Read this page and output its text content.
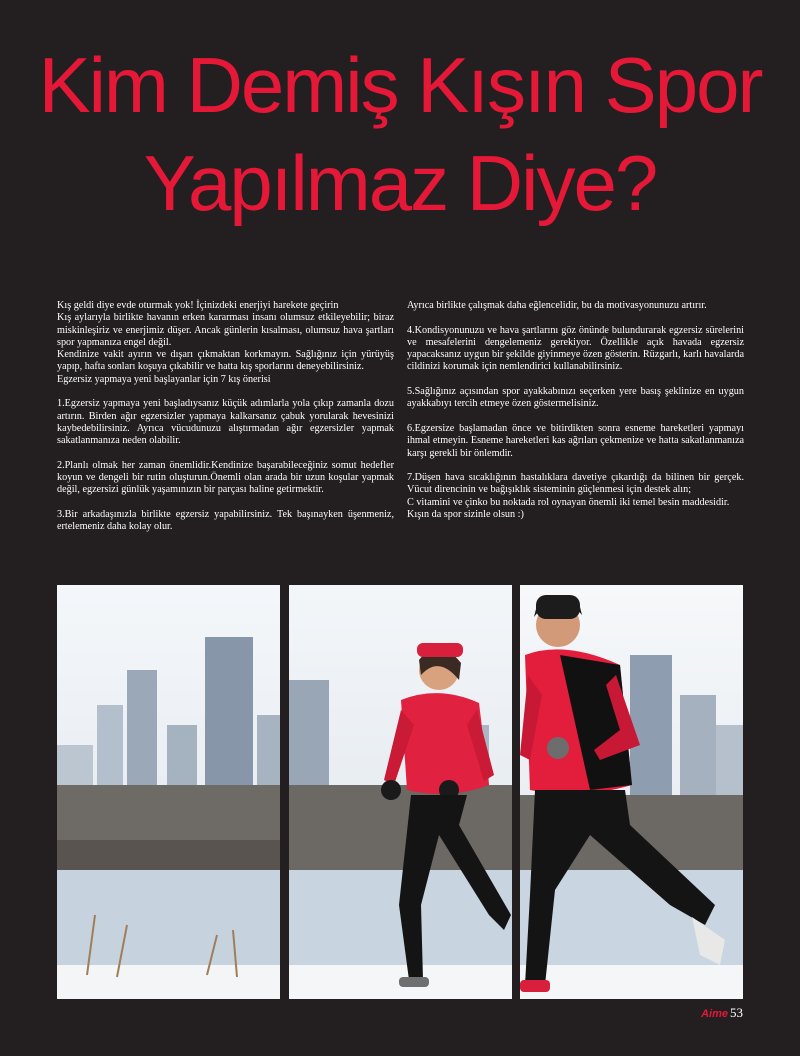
Kim Demiş Kışın Spor
Yapılmaz Diye?

Kış geldi diye evde oturmak yok! İçinizdeki enerjiyi harekete geçirin
Kış aylarıyla birlikte havanın erken kararması insanı olumsuz etkileyebilir; biraz miskinleşiriz ve enerjimiz düşer. Ancak günlerin kısalması, olumsuz hava şartları spor yapmanıza engel değil.
Kendinize vakit ayırın ve dışarı çıkmaktan korkmayın. Sağlığınız için yürüyüş yapıp, hafta sonları koşuya çıkabilir ve hatta kış sporlarını deneyebilirsiniz.
Egzersiz yapmaya yeni başlayanlar için 7 kış önerisi

1.Egzersiz yapmaya yeni başladıysanız küçük adımlarla yola çıkıp zamanla dozu artırın. Birden ağır egzersizler yapmaya kalkarsanız çabuk yorularak hevesinizi kaybedebilirsiniz. Ayrıca vücudunuzu alıştırmadan ağır egzersizler yapmak sakatlanmanıza neden olabilir.

2.Planlı olmak her zaman önemlidir.Kendinize başarabileceğiniz somut hedefler koyun ve dengeli bir rutin oluşturun.Önemli olan arada bir uzun koşular yapmak değil, egzersizi günlük yaşamınızın bir parçası haline getirmektir.

3.Bir arkadaşınızla birlikte egzersiz yapabilirsiniz. Tek başınayken üşenmeniz, ertelemeniz daha kolay olur.

Ayrıca birlikte çalışmak daha eğlencelidir, bu da motivasyonunuzu artırır.

4.Kondisyonunuzu ve hava şartlarını göz önünde bulundurarak egzersiz sürelerini ve mesafelerini dengelemeniz gerekiyor. Özellikle açık havada egzersiz yapacaksanız uygun bir şekilde giyinmeye özen gösterin. Rüzgarlı, karlı havalarda cildinizi korumak için nemlendirici kullanabilirsiniz.

5.Sağlığınız açısından spor ayakkabınızı seçerken yere basış şeklinize en uygun ayakkabıyı tercih etmeye özen göstermelisiniz.

6.Egzersize başlamadan önce ve bitirdikten sonra esneme hareketleri yapmayı ihmal etmeyin. Esneme hareketleri kas ağrıları çekmenize ve hatta sakatlanmanıza karşı gerekli bir önlemdir.

7.Düşen hava sıcaklığının hastalıklara davetiye çıkardığı da bilinen bir gerçek. Vücut direncinin ve bağışıklık sisteminin güçlenmesi için destek alın;
C vitamini ve çinko bu noktada rol oynayan önemli iki temel besin maddesidir.
Kışın da spor sizinle olsun :)

Aime 53
